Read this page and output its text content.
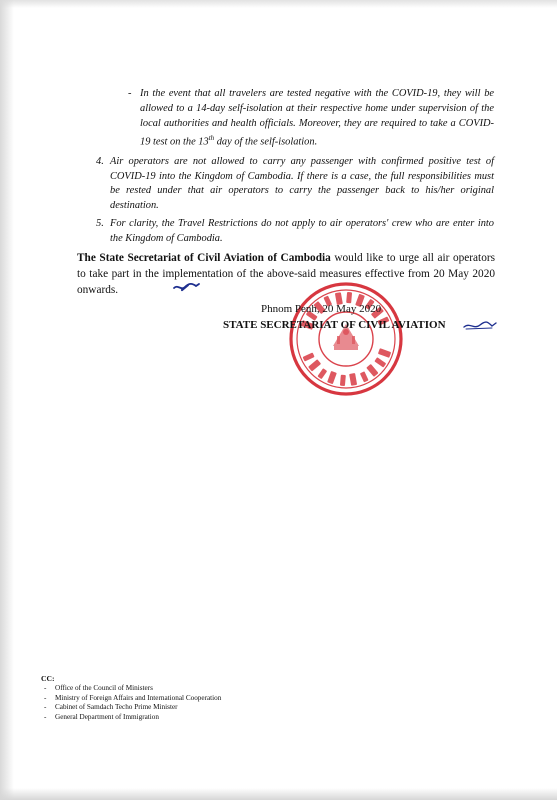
- In the event that all travelers are tested negative with the COVID-19, they will be allowed to a 14-day self-isolation at their respective home under supervision of the local authorities and health officials. Moreover, they are required to take a COVID-19 test on the 13th day of the self-isolation.
4. Air operators are not allowed to carry any passenger with confirmed positive test of COVID-19 into the Kingdom of Cambodia. If there is a case, the full responsibilities must be rested under that air operators to carry the passenger back to his/her original destination.
5. For clarity, the Travel Restrictions do not apply to air operators' crew who are enter into the Kingdom of Cambodia.
The State Secretariat of Civil Aviation of Cambodia would like to urge all air operators to take part in the implementation of the above-said measures effective from 20 May 2020 onwards.
Phnom Penh, 20 May 2020
STATE SECRETARIAT OF CIVIL AVIATION
CC:
- Office of the Council of Ministers
- Ministry of Foreign Affairs and International Cooperation
- Cabinet of Samdach Techo Prime Minister
- General Department of Immigration
